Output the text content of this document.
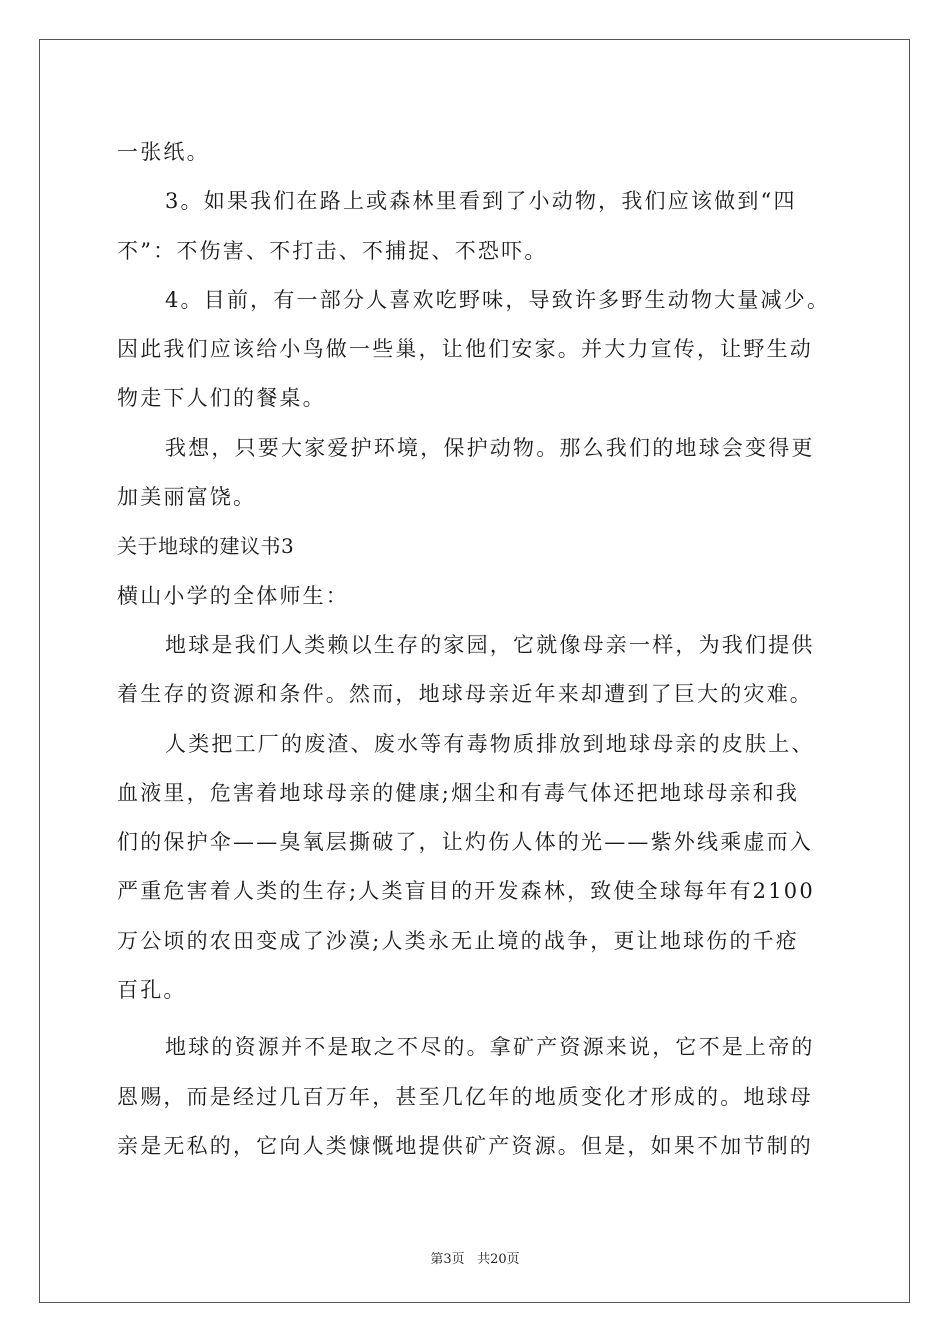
一张纸。
3。如果我们在路上或森林里看到了小动物，我们应该做到“四
不”：不伤害、不打击、不捕捉、不恐吓。
4。目前，有一部分人喜欢吃野味，导致许多野生动物大量减少。
因此我们应该给小鸟做一些巢，让他们安家。并大力宣传，让野生动
物走下人们的餐桌。
我想，只要大家爱护环境，保护动物。那么我们的地球会变得更
加美丽富饶。
关于地球的建议书3
横山小学的全体师生：
地球是我们人类赖以生存的家园，它就像母亲一样，为我们提供
着生存的资源和条件。然而，地球母亲近年来却遭到了巨大的灾难。
人类把工厂的废渣、废水等有毒物质排放到地球母亲的皮肤上、
血液里，危害着地球母亲的健康;烟尘和有毒气体还把地球母亲和我
们的保护伞——臭氧层撕破了，让灼伤人体的光——紫外线乘虚而入
严重危害着人类的生存;人类盲目的开发森林，致使全球每年有2100
万公顷的农田变成了沙漠;人类永无止境的战争，更让地球伤的千疮
百孔。
地球的资源并不是取之不尽的。拿矿产资源来说，它不是上帝的
恩赐，而是经过几百万年，甚至几亿年的地质变化才形成的。地球母
亲是无私的，它向人类慷慨地提供矿产资源。但是，如果不加节制的
第3页 共20页
